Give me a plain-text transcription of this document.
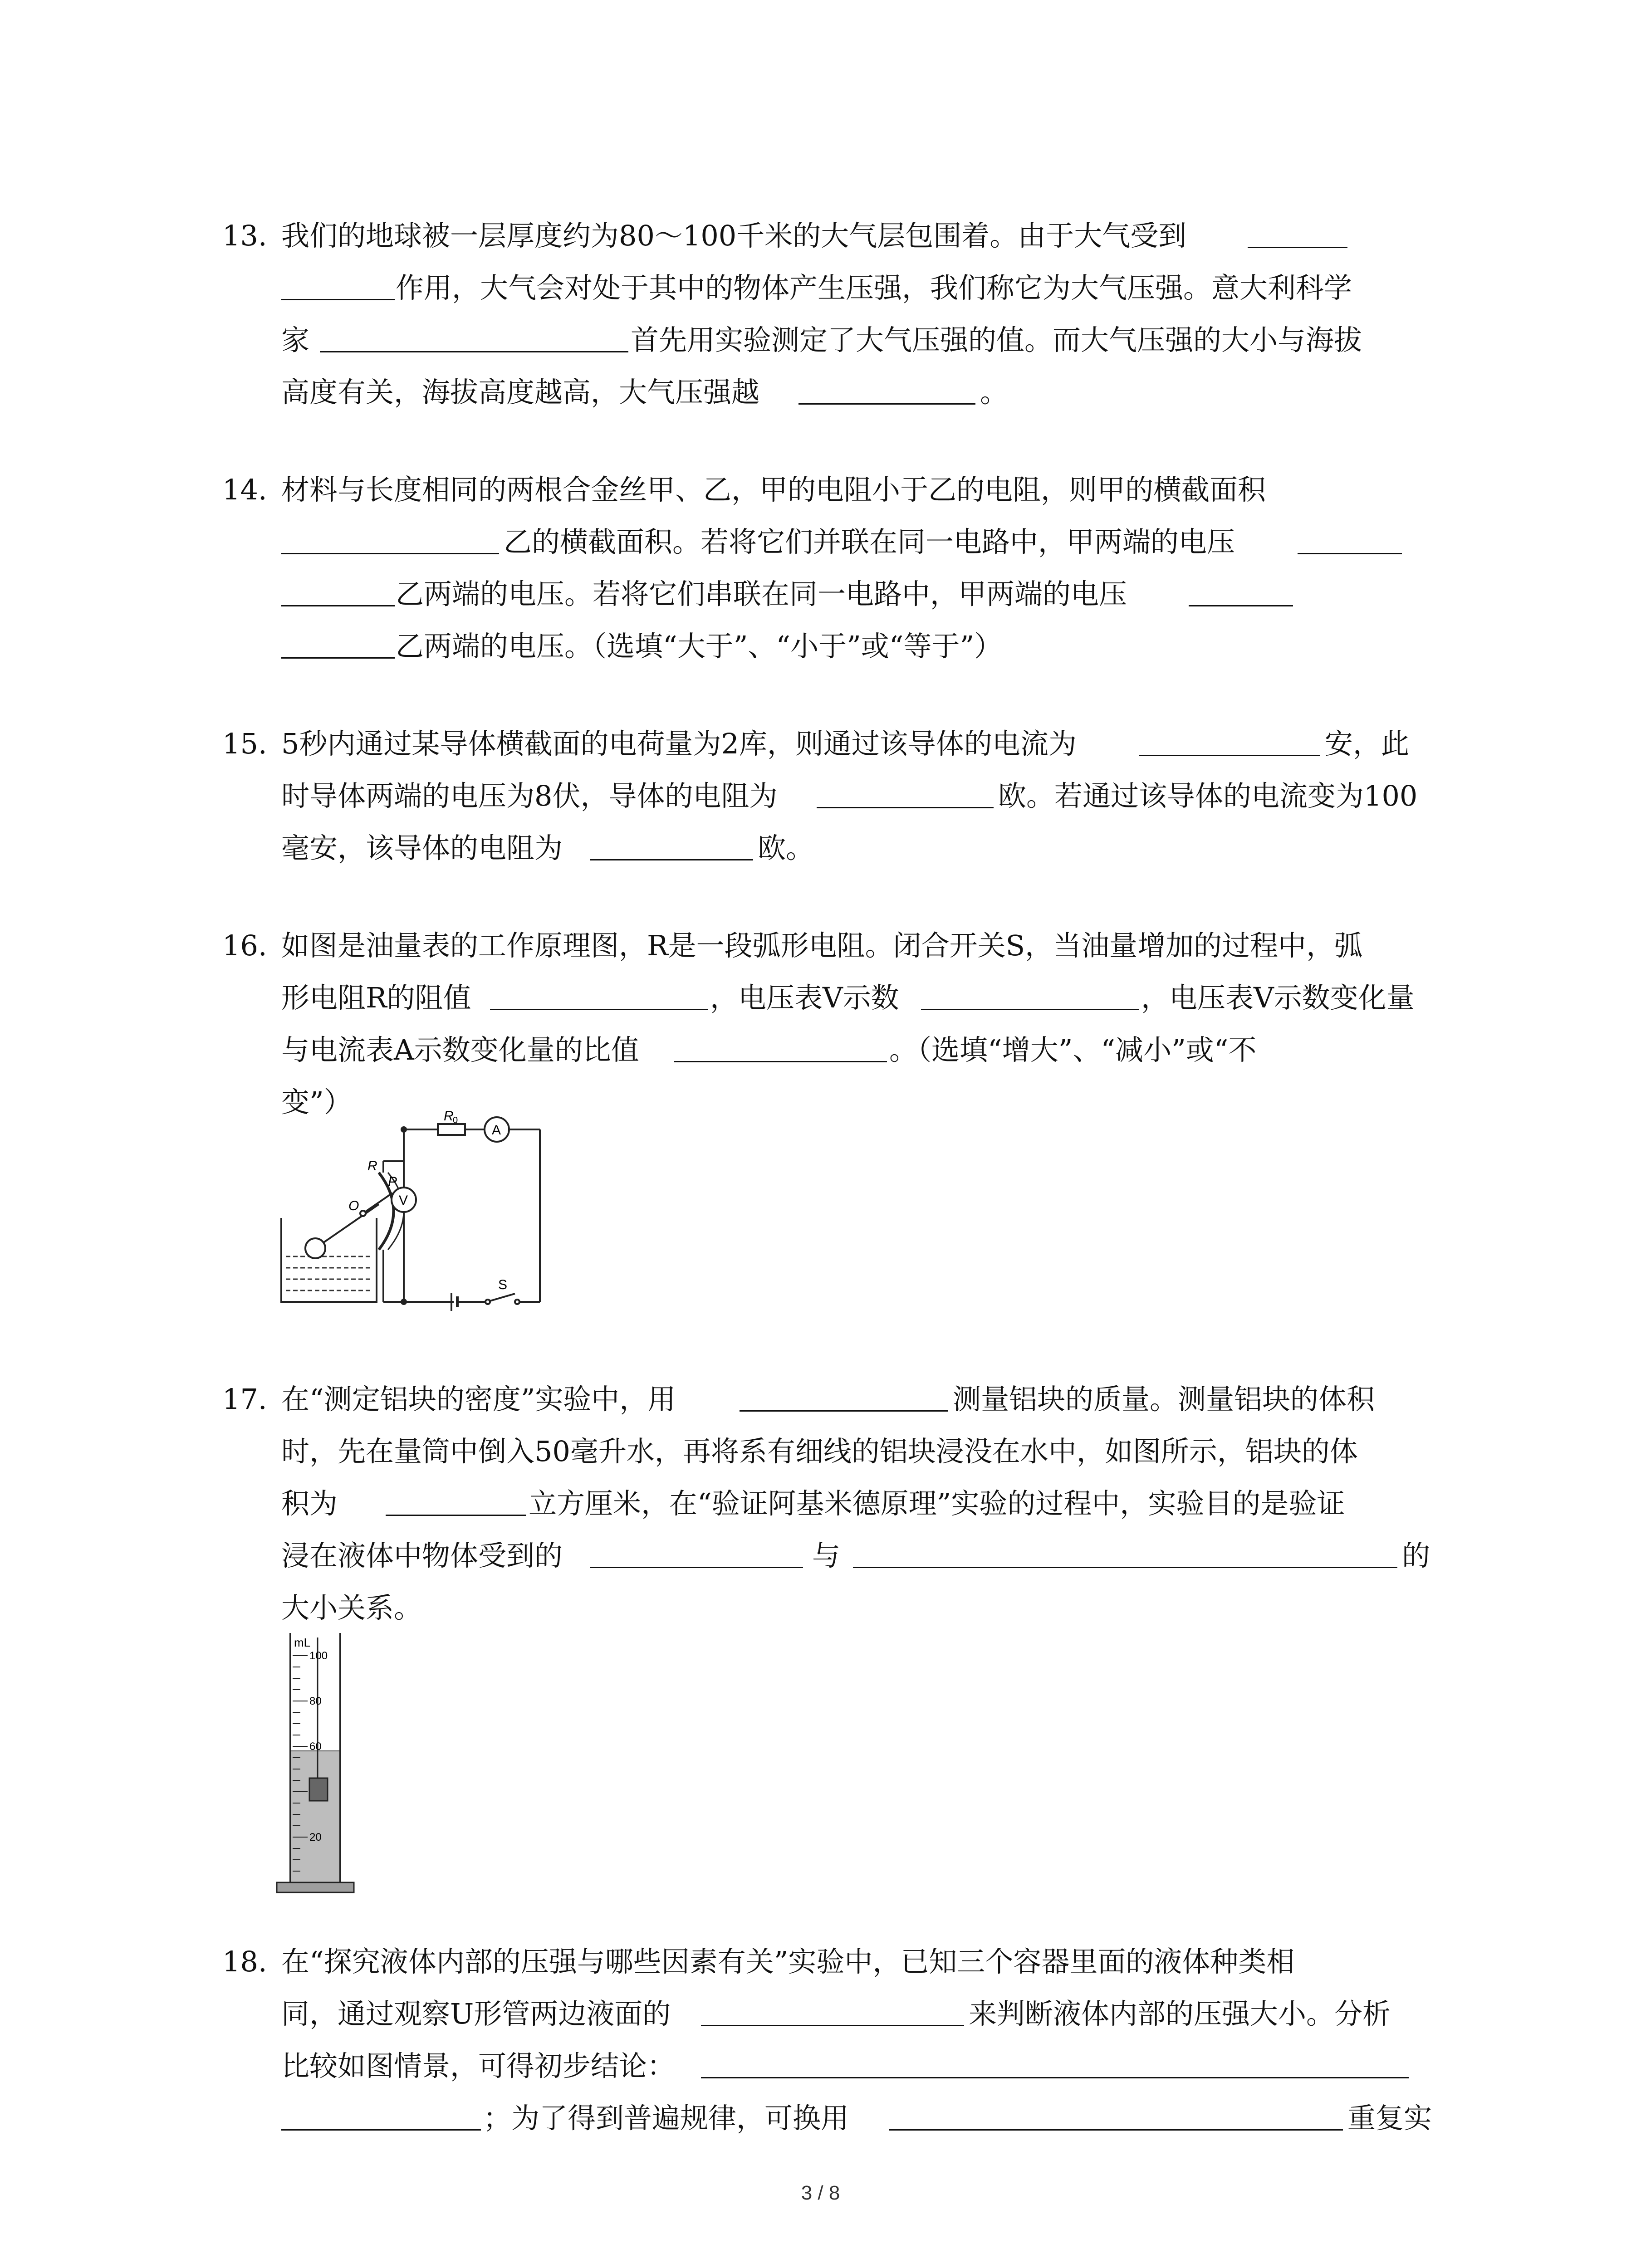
13. 我们的地球被一层厚度约为80～100千米的大气层包围着。由于大气受到
作用，大气会对处于其中的物体产生压强，我们称它为大气压强。意大利科学
家	首先用实验测定了大气压强的值。而大气压强的大小与海拔
高度有关，海拔高度越高，大气压强越	。
14. 材料与长度相同的两根合金丝甲、乙，甲的电阻小于乙的电阻，则甲的横截面积
乙的横截面积。若将它们并联在同一电路中，甲两端的电压
乙两端的电压。若将它们串联在同一电路中，甲两端的电压
乙两端的电压。（选填“大于”、“小于”或“等于”）
15. 5秒内通过某导体横截面的电荷量为2库，则通过该导体的电流为	安，此
时导体两端的电压为8伏，导体的电阻为	欧。若通过该导体的电流变为100
毫安，该导体的电阻为	欧。
16. 如图是油量表的工作原理图，R是一段弧形电阻。闭合开关S，当油量增加的过程中，弧
形电阻R的阻值	，电压表V示数	，电压表V示数变化量
与电流表A示数变化量的比值	。（选填“增大”、“减小”或“不
变”）	R
0
A
V
R
P
O
S
17. 在“测定铝块的密度”实验中，用	测量铝块的质量。测量铝块的体积
时，先在量筒中倒入50毫升水，再将系有细线的铝块浸没在水中，如图所示，铝块的体
积为	立方厘米，在“验证阿基米德原理”实验的过程中，实验目的是验证
浸在液体中物体受到的	与	的
大小关系。
mL
100
80
60
20
18. 在“探究液体内部的压强与哪些因素有关”实验中，已知三个容器里面的液体种类相
同，通过观察U形管两边液面的	来判断液体内部的压强大小。分析
比较如图情景，可得初步结论：
；为了得到普遍规律，可换用	重复实
3 / 8
